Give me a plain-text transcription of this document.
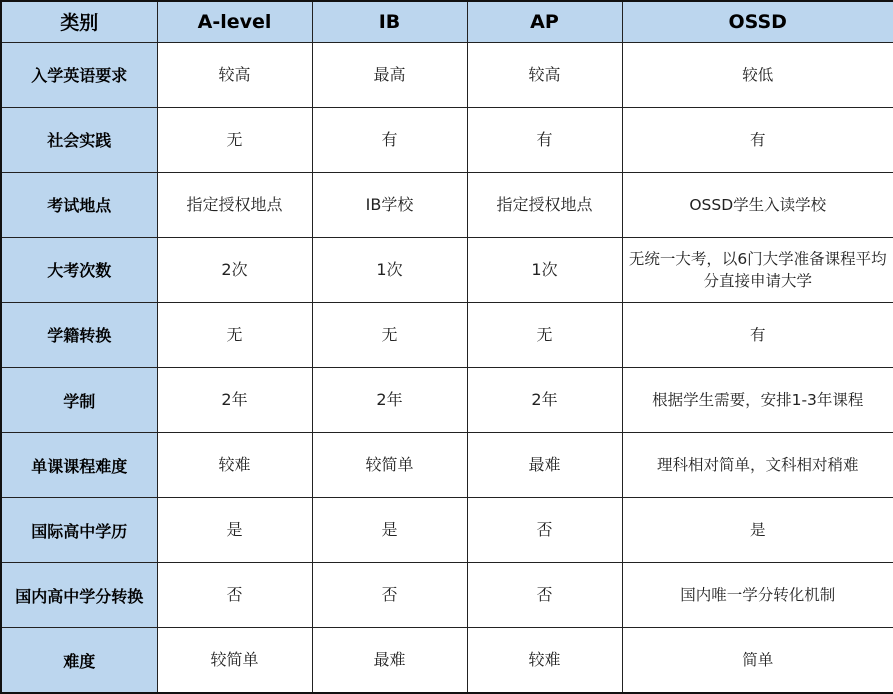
类别	A-level	IB	AP	OSSD
入学英语要求	较高	最高	较高	较低
社会实践	无	有	有	有
考试地点	指定授权地点	IB学校	指定授权地点	OSSD学生入读学校
大考次数	2次	1次	1次	无统一大考，以6门大学准备课程平均分直接申请大学
学籍转换	无	无	无	有
学制	2年	2年	2年	根据学生需要，安排1-3年课程
单课课程难度	较难	较简单	最难	理科相对简单，文科相对稍难
国际高中学历	是	是	否	是
国内高中学分转换	否	否	否	国内唯一学分转化机制
难度	较简单	最难	较难	简单
